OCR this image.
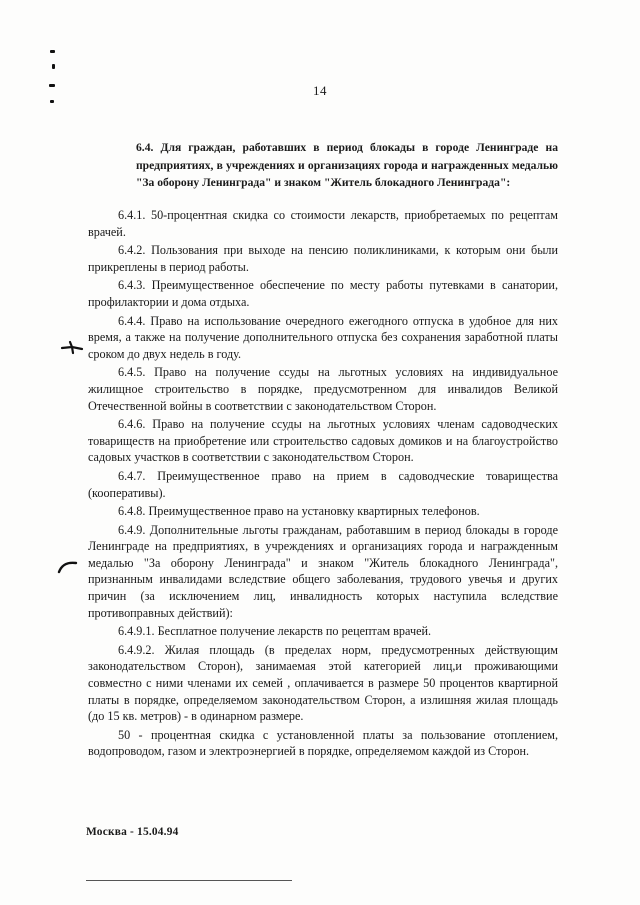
14
6.4. Для граждан, работавших в период блокады в городе Ленинграде на предприятиях, в учреждениях и организациях города и награжденных медалью "За оборону Ленинграда" и знаком "Житель блокадного Ленинграда":

6.4.1. 50-процентная скидка со стоимости лекарств, приобретаемых по рецептам врачей.

6.4.2. Пользования при выходе на пенсию поликлиниками, к которым они были прикреплены в период работы.

6.4.3. Преимущественное обеспечение по месту работы путевками в санатории, профилактории и дома отдыха.

6.4.4. Право на использование очередного ежегодного отпуска в удобное для них время, а также на получение дополнительного отпуска без сохранения заработной платы сроком до двух недель в году.

6.4.5. Право на получение ссуды на льготных условиях на индивидуальное жилищное строительство в порядке, предусмотренном для инвалидов Великой Отечественной войны в соответствии с законодательством Сторон.

6.4.6. Право на получение ссуды на льготных условиях членам садоводческих товариществ на приобретение или строительство садовых домиков и на благоустройство садовых участков в соответствии с законодательством Сторон.

6.4.7. Преимущественное право на прием в садоводческие товарищества (кооперативы).

6.4.8. Преимущественное право на установку квартирных телефонов.

6.4.9. Дополнительные льготы гражданам, работавшим в период блокады в городе Ленинграде на предприятиях, в учреждениях и организациях города и награжденным медалью "За оборону Ленинграда" и знаком "Житель блокадного Ленинграда", признанным инвалидами вследствие общего заболевания, трудового увечья и других причин (за исключением лиц, инвалидность которых наступила вследствие противоправных действий):

6.4.9.1. Бесплатное получение лекарств по рецептам врачей.

6.4.9.2. Жилая площадь (в пределах норм, предусмотренных действующим законодательством Сторон), занимаемая этой категорией лиц,и проживающими совместно с ними членами их семей , оплачивается в размере 50 процентов квартирной платы в порядке, определяемом законодательством Сторон, а излишняя жилая площадь (до 15 кв. метров) - в одинарном размере.

50 - процентная скидка с установленной платы за пользование отоплением, водопроводом, газом и электроэнергией в порядке, определяемом каждой из Сторон.

Москва - 15.04.94
